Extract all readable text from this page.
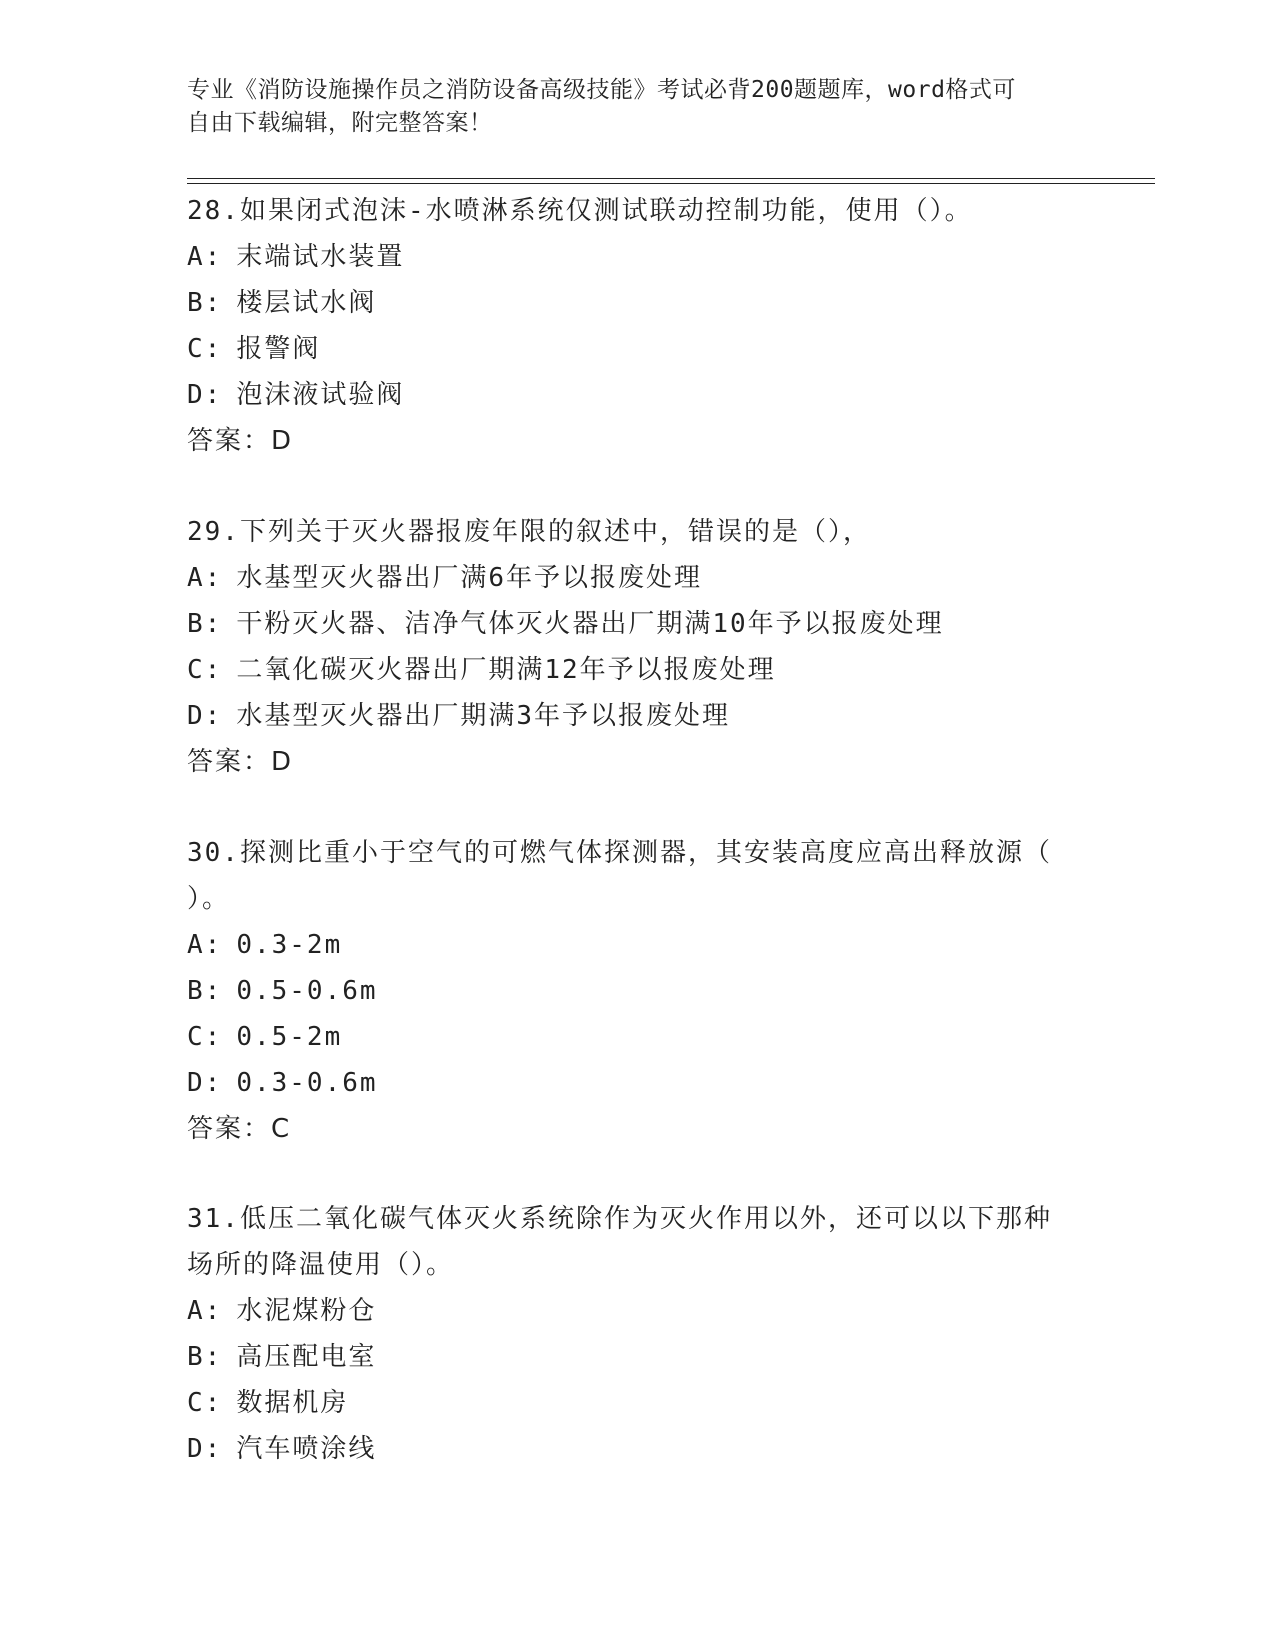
专业《消防设施操作员之消防设备高级技能》考试必背200题题库，word格式可
自由下载编辑，附完整答案！

28.如果闭式泡沫-水喷淋系统仅测试联动控制功能，使用（）。

A: 末端试水装置

B: 楼层试水阀

C: 报警阀

D: 泡沫液试验阀

答案：D

29.下列关于灭火器报废年限的叙述中，错误的是（），

A: 水基型灭火器出厂满6年予以报废处理

B: 干粉灭火器、洁净气体灭火器出厂期满10年予以报废处理

C: 二氧化碳灭火器出厂期满12年予以报废处理

D: 水基型灭火器出厂期满3年予以报废处理

答案：D

30.探测比重小于空气的可燃气体探测器，其安装高度应高出释放源（

）。

A: 0.3-2m

B: 0.5-0.6m

C: 0.5-2m

D: 0.3-0.6m

答案：C

31.低压二氧化碳气体灭火系统除作为灭火作用以外，还可以以下那种

场所的降温使用（）。

A: 水泥煤粉仓

B: 高压配电室

C: 数据机房

D: 汽车喷涂线
